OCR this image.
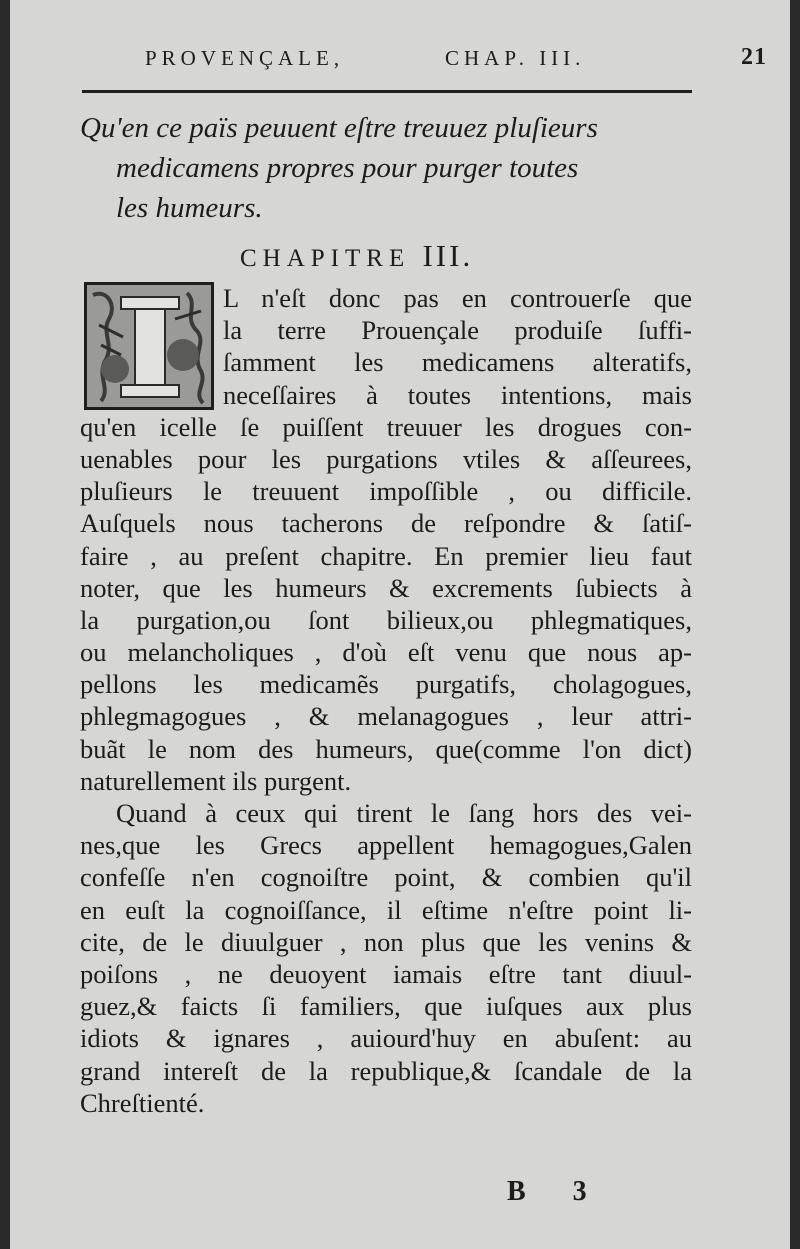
PROVENÇALE,	CHAP. III.	21
Qu'en ce païs peuuent eſtre treuuez pluſieurs
medicamens propres pour purger toutes
les humeurs.
CHAPITRE III.
L n'eſt donc pas en controuerſe que
la terre Prouençale produiſe ſuffi-
ſamment les medicamens alteratifs,
neceſſaires à toutes intentions, mais
qu'en icelle ſe puiſſent treuuer les drogues con-
uenables pour les purgations vtiles & aſſeurees,
pluſieurs le treuuent impoſſible , ou difficile.
Auſquels nous tacherons de reſpondre & ſatiſ-
faire , au preſent chapitre. En premier lieu faut
noter, que les humeurs & excrements ſubiects à
la purgation,ou ſont bilieux,ou phlegmatiques,
ou melancholiques , d'où eſt venu que nous ap-
pellons les medicamẽs purgatifs, cholagogues,
phlegmagogues , & melanagogues , leur attri-
buãt le nom des humeurs, que(comme l'on dict)
naturellement ils purgent.
Quand à ceux qui tirent le ſang hors des vei-
nes,que les Grecs appellent hemagogues,Galen
confeſſe n'en cognoiſtre point, & combien qu'il
en euſt la cognoiſſance, il eſtime n'eſtre point li-
cite, de le diuulguer , non plus que les venins &
poiſons , ne deuoyent iamais eſtre tant diuul-
guez,& faicts ſi familiers, que iuſques aux plus
idiots & ignares , auiourd'huy en abuſent: au
grand intereſt de la republique,& ſcandale de la
Chreſtienté.
B 3
